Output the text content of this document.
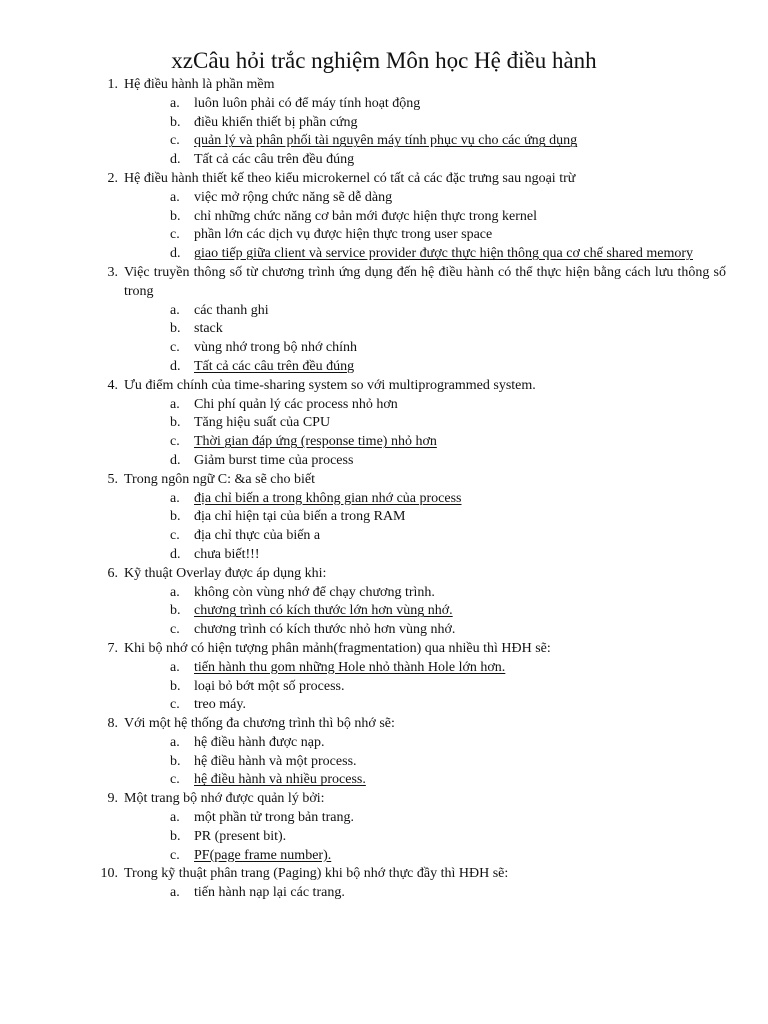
xzCâu hỏi trắc nghiệm Môn học Hệ điều hành
1. Hệ điều hành là phần mềm
a.	luôn luôn phải có để máy tính hoạt động
b. điều khiển thiết bị phần cứng
c.	quản lý và phân phối tài nguyên máy tính phục vụ cho các ứng dụng
d. Tất cả các câu trên đều đúng
2. Hệ điều hành thiết kế theo kiểu microkernel có tất cả các đặc trưng sau ngoại trừ
a.	việc mở rộng chức năng sẽ dễ dàng
b. chỉ những chức năng cơ bản mới được hiện thực trong kernel
c.	phần lớn các dịch vụ được hiện thực trong user space
d. giao tiếp giữa client và service provider được thực hiện thông qua cơ chế shared memory
3. Việc truyền thông số từ chương trình ứng dụng đến hệ điều hành có thể thực hiện bằng cách lưu thông số trong
a.	các thanh ghi
b. stack
c.	vùng nhớ trong bộ nhớ chính
d. Tất cả các câu trên đều đúng
4. Ưu điểm chính của time-sharing system so với multiprogrammed system.
a.	Chi phí quản lý các process nhỏ hơn
b. Tăng hiệu suất của CPU
c.	Thời gian đáp ứng (response time) nhỏ hơn
d. Giảm burst time của process
5. Trong ngôn ngữ C: &a sẽ cho biết
a.	địa chỉ biến a trong không gian nhớ của process
b. địa chỉ hiện tại của biến a trong RAM
c.	địa chỉ thực của biến a
d. chưa biết!!!
6. Kỹ thuật Overlay được áp dụng khi:
a.	không còn vùng nhớ để chạy chương trình.
b. chương trình có kích thước lớn hơn vùng nhớ.
c.	chương trình có kích thước nhỏ hơn vùng nhớ.
7. Khi bộ nhớ có hiện tượng phân mảnh(fragmentation) qua nhiều thì HĐH sẽ:
a.	tiến hành thu gom những Hole nhỏ thành Hole lớn hơn.
b. loại bỏ bớt một số process.
c.	treo máy.
8. Với một hệ thống đa chương trình thì bộ nhớ sẽ:
a.	hệ điều hành được nạp.
b. hệ điều hành và một process.
c.	hệ điều hành và nhiều process.
9. Một trang bộ nhớ được quản lý bởi:
a.	một phần tử trong bản trang.
b. PR (present bit).
c.	PF(page frame number).
10. Trong kỹ thuật phân trang (Paging) khi bộ nhớ thực đầy thì HĐH sẽ:
a.	tiến hành nạp lại các trang.
